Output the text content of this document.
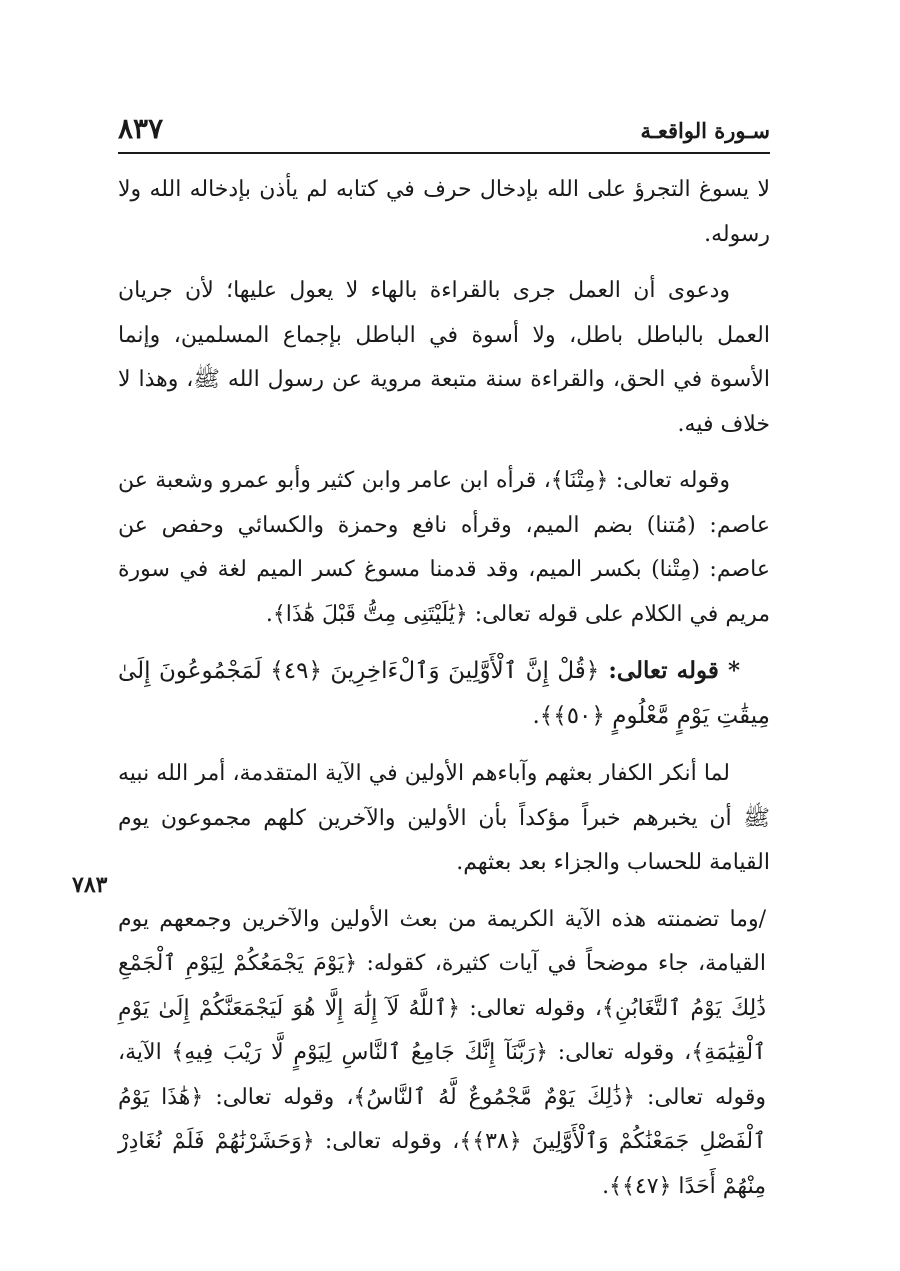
سـورة الواقعـة
٨٣٧
٧٨٣

لا يسوغ التجرؤ على الله بإدخال حرف في كتابه لم يأذن بإدخاله الله ولا رسوله.

ودعوى أن العمل جرى بالقراءة بالهاء لا يعول عليها؛ لأن جريان العمل بالباطل باطل، ولا أسوة في الباطل بإجماع المسلمين، وإنما الأسوة في الحق، والقراءة سنة متبعة مروية عن رسول الله ﷺ، وهذا لا خلاف فيه.

وقوله تعالى: ﴿مِتْنَا﴾، قرأه ابن عامر وابن كثير وأبو عمرو وشعبة عن عاصم: (مُتنا) بضم الميم، وقرأه نافع وحمزة والكسائي وحفص عن عاصم: (مِتْنا) بكسر الميم، وقد قدمنا مسوغ كسر الميم لغة في سورة مريم في الكلام على قوله تعالى: ﴿يَٰلَيْتَنِى مِتُّ قَبْلَ هَٰذَا﴾.

* قوله تعالى: ﴿قُلْ إِنَّ ٱلْأَوَّلِينَ وَٱلْءَاخِرِينَ ﴿٤٩﴾ لَمَجْمُوعُونَ إِلَىٰ مِيقَٰتِ يَوْمٍ مَّعْلُومٍ ﴿٥٠﴾﴾.

لما أنكر الكفار بعثهم وآباءهم الأولين في الآية المتقدمة، أمر الله نبيه ﷺ أن يخبرهم خبراً مؤكداً بأن الأولين والآخرين كلهم مجموعون يوم القيامة للحساب والجزاء بعد بعثهم.

/وما تضمنته هذه الآية الكريمة من بعث الأولين والآخرين وجمعهم يوم القيامة، جاء موضحاً في آيات كثيرة، كقوله: ﴿يَوْمَ يَجْمَعُكُمْ لِيَوْمِ ٱلْجَمْعِ ذَٰلِكَ يَوْمُ ٱلتَّغَابُنِ﴾، وقوله تعالى: ﴿ٱللَّهُ لَآ إِلَٰهَ إِلَّا هُوَ لَيَجْمَعَنَّكُمْ إِلَىٰ يَوْمِ ٱلْقِيَٰمَةِ﴾، وقوله تعالى: ﴿رَبَّنَآ إِنَّكَ جَامِعُ ٱلنَّاسِ لِيَوْمٍ لَّا رَيْبَ فِيهِ﴾ الآية، وقوله تعالى: ﴿ذَٰلِكَ يَوْمٌ مَّجْمُوعٌ لَّهُ ٱلنَّاسُ﴾، وقوله تعالى: ﴿هَٰذَا يَوْمُ ٱلْفَصْلِ جَمَعْنَٰكُمْ وَٱلْأَوَّلِينَ ﴿٣٨﴾﴾، وقوله تعالى: ﴿وَحَشَرْنَٰهُمْ فَلَمْ نُغَادِرْ مِنْهُمْ أَحَدًا ﴿٤٧﴾﴾.
